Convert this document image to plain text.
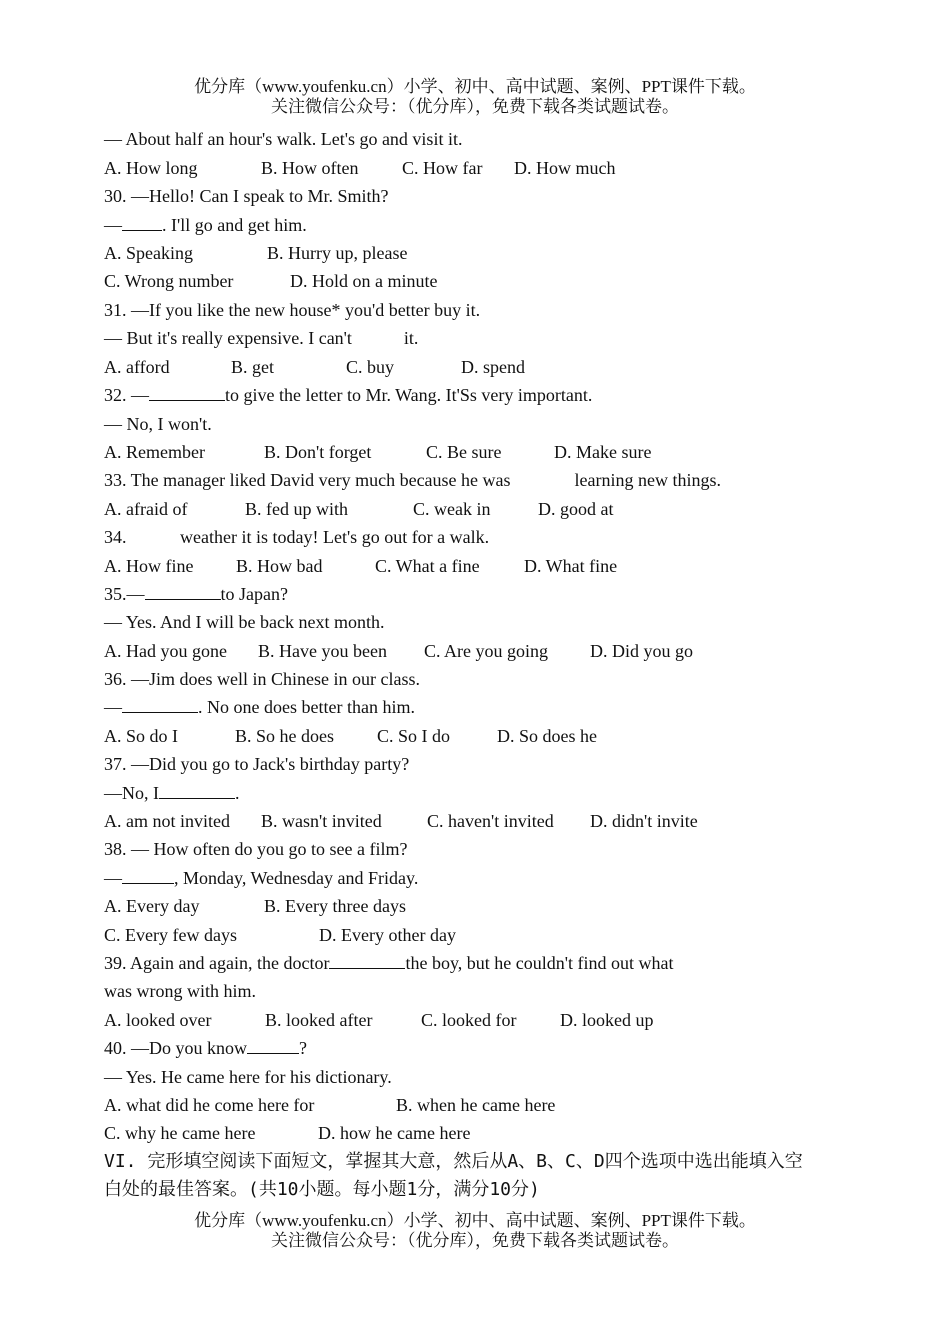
优分库（www.youfenku.cn）小学、初中、高中试题、案例、PPT课件下载。
关注微信公众号：（优分库），免费下载各类试题试卷。
— About half an hour's walk. Let's go and visit it.
A. How long	B. How often C. How far D. How much
30. —Hello! Can I speak to Mr. Smith?
—. I'll go and get him.
A. Speaking	B. Hurry up, please
C. Wrong number	D. Hold on a minute
31. —If you like the new house* you'd better buy it.
— But it's really expensive. I can't	it.
A. afford	B. get	C. buy	D. spend
32. —	to give the letter to Mr. Wang. It'Ss very important.
— No, I won't.
A. Remember	B. Don't forget	C. Be sure	D. Make sure
33. The manager liked David very much because he was	learning new things.
A. afraid of	B. fed up with	C. weak in	D. good at
34.	weather it is today! Let's go out for a walk.
A. How fine B. How bad	C. What a fine D. What fine
35.—	to Japan?
— Yes. And I will be back next month.
A. Had you gone B. Have you been C. Are you going D. Did you go
36. —Jim does well in Chinese in our class.
—	. No one does better than him.
A. So do I	B. So he does C. So I do	D. So does he
37. —Did you go to Jack's birthday party?
—No, I	.
A. am not invited B. wasn't invited	C. haven't invited D. didn't invite
38. — How often do you go to see a film?
—	, Monday, Wednesday and Friday.
A. Every day	B. Every three days
C. Every few days	D. Every other day
39. Again and again, the doctor	the boy, but he couldn't find out what
was wrong with him.
A. looked over	B. looked after	C. looked for D. looked up
40. —Do you know	?
— Yes. He came here for his dictionary.
A. what did he come here for	B. when he came here
C. why he came here	D. how he came here
VI. 完形填空阅读下面短文，掌握其大意，然后从A、B、C、D四个选项中选出能填入空
白处的最佳答案。(共10小题。每小题1分，满分10分)
优分库（www.youfenku.cn）小学、初中、高中试题、案例、PPT课件下载。
关注微信公众号：（优分库），免费下载各类试题试卷。
